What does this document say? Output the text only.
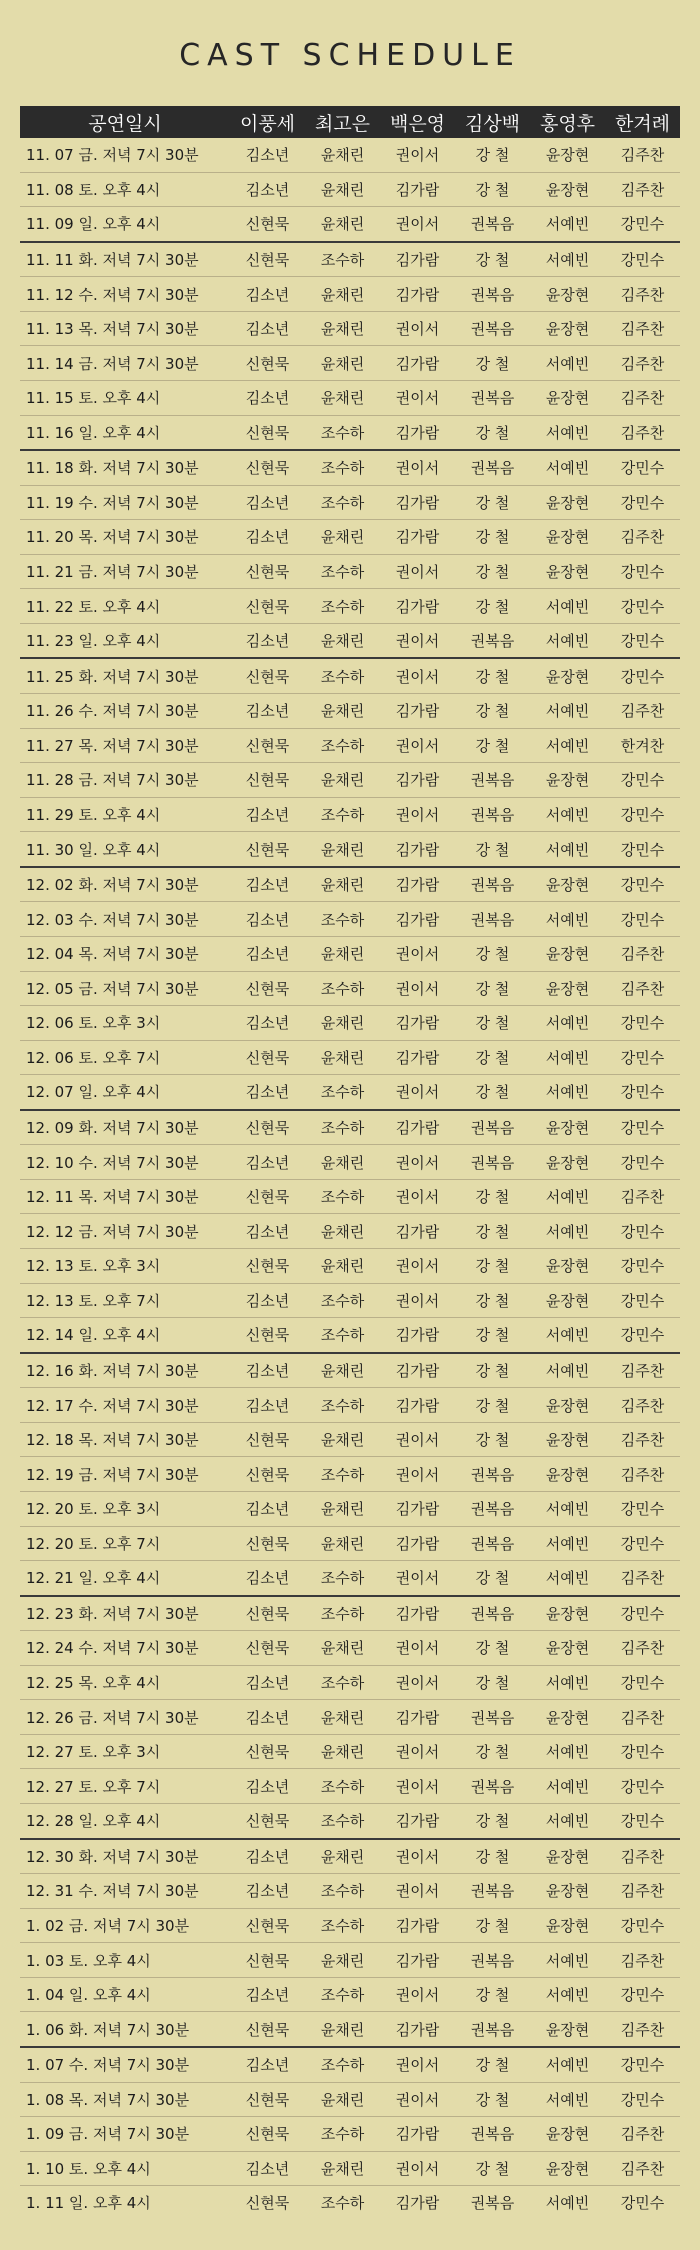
CAST SCHEDULE
공연일시	이풍세	최고은	백은영	김상백	홍영후	한겨례
11. 07 금. 저녁 7시 30분	김소년	윤채린	권이서	강 철	윤장현	김주찬
11. 08 토. 오후 4시	김소년	윤채린	김가람	강 철	윤장현	김주찬
11. 09 일. 오후 4시	신현묵	윤채린	권이서	권복음	서예빈	강민수
11. 11 화. 저녁 7시 30분	신현묵	조수하	김가람	강 철	서예빈	강민수
11. 12 수. 저녁 7시 30분	김소년	윤채린	김가람	권복음	윤장현	김주찬
11. 13 목. 저녁 7시 30분	김소년	윤채린	권이서	권복음	윤장현	김주찬
11. 14 금. 저녁 7시 30분	신현묵	윤채린	김가람	강 철	서예빈	김주찬
11. 15 토. 오후 4시	김소년	윤채린	권이서	권복음	윤장현	김주찬
11. 16 일. 오후 4시	신현묵	조수하	김가람	강 철	서예빈	김주찬
11. 18 화. 저녁 7시 30분	신현묵	조수하	권이서	권복음	서예빈	강민수
11. 19 수. 저녁 7시 30분	김소년	조수하	김가람	강 철	윤장현	강민수
11. 20 목. 저녁 7시 30분	김소년	윤채린	김가람	강 철	윤장현	김주찬
11. 21 금. 저녁 7시 30분	신현묵	조수하	권이서	강 철	윤장현	강민수
11. 22 토. 오후 4시	신현묵	조수하	김가람	강 철	서예빈	강민수
11. 23 일. 오후 4시	김소년	윤채린	권이서	권복음	서예빈	강민수
11. 25 화. 저녁 7시 30분	신현묵	조수하	권이서	강 철	윤장현	강민수
11. 26 수. 저녁 7시 30분	김소년	윤채린	김가람	강 철	서예빈	김주찬
11. 27 목. 저녁 7시 30분	신현묵	조수하	권이서	강 철	서예빈	한겨찬
11. 28 금. 저녁 7시 30분	신현묵	윤채린	김가람	권복음	윤장현	강민수
11. 29 토. 오후 4시	김소년	조수하	권이서	권복음	서예빈	강민수
11. 30 일. 오후 4시	신현묵	윤채린	김가람	강 철	서예빈	강민수
12. 02 화. 저녁 7시 30분	김소년	윤채린	김가람	권복음	윤장현	강민수
12. 03 수. 저녁 7시 30분	김소년	조수하	김가람	권복음	서예빈	강민수
12. 04 목. 저녁 7시 30분	김소년	윤채린	권이서	강 철	윤장현	김주찬
12. 05 금. 저녁 7시 30분	신현묵	조수하	권이서	강 철	윤장현	김주찬
12. 06 토. 오후 3시	김소년	윤채린	김가람	강 철	서예빈	강민수
12. 06 토. 오후 7시	신현묵	윤채린	김가람	강 철	서예빈	강민수
12. 07 일. 오후 4시	김소년	조수하	권이서	강 철	서예빈	강민수
12. 09 화. 저녁 7시 30분	신현묵	조수하	김가람	권복음	윤장현	강민수
12. 10 수. 저녁 7시 30분	김소년	윤채린	권이서	권복음	윤장현	강민수
12. 11 목. 저녁 7시 30분	신현묵	조수하	권이서	강 철	서예빈	김주찬
12. 12 금. 저녁 7시 30분	김소년	윤채린	김가람	강 철	서예빈	강민수
12. 13 토. 오후 3시	신현묵	윤채린	권이서	강 철	윤장현	강민수
12. 13 토. 오후 7시	김소년	조수하	권이서	강 철	윤장현	강민수
12. 14 일. 오후 4시	신현묵	조수하	김가람	강 철	서예빈	강민수
12. 16 화. 저녁 7시 30분	김소년	윤채린	김가람	강 철	서예빈	김주찬
12. 17 수. 저녁 7시 30분	김소년	조수하	김가람	강 철	윤장현	김주찬
12. 18 목. 저녁 7시 30분	신현묵	윤채린	권이서	강 철	윤장현	김주찬
12. 19 금. 저녁 7시 30분	신현묵	조수하	권이서	권복음	윤장현	김주찬
12. 20 토. 오후 3시	김소년	윤채린	김가람	권복음	서예빈	강민수
12. 20 토. 오후 7시	신현묵	윤채린	김가람	권복음	서예빈	강민수
12. 21 일. 오후 4시	김소년	조수하	권이서	강 철	서예빈	김주찬
12. 23 화. 저녁 7시 30분	신현묵	조수하	김가람	권복음	윤장현	강민수
12. 24 수. 저녁 7시 30분	신현묵	윤채린	권이서	강 철	윤장현	김주찬
12. 25 목. 오후 4시	김소년	조수하	권이서	강 철	서예빈	강민수
12. 26 금. 저녁 7시 30분	김소년	윤채린	김가람	권복음	윤장현	김주찬
12. 27 토. 오후 3시	신현묵	윤채린	권이서	강 철	서예빈	강민수
12. 27 토. 오후 7시	김소년	조수하	권이서	권복음	서예빈	강민수
12. 28 일. 오후 4시	신현묵	조수하	김가람	강 철	서예빈	강민수
12. 30 화. 저녁 7시 30분	김소년	윤채린	권이서	강 철	윤장현	김주찬
12. 31 수. 저녁 7시 30분	김소년	조수하	권이서	권복음	윤장현	김주찬
1. 02 금. 저녁 7시 30분	신현묵	조수하	김가람	강 철	윤장현	강민수
1. 03 토. 오후 4시	신현묵	윤채린	김가람	권복음	서예빈	김주찬
1. 04 일. 오후 4시	김소년	조수하	권이서	강 철	서예빈	강민수
1. 06 화. 저녁 7시 30분	신현묵	윤채린	김가람	권복음	윤장현	김주찬
1. 07 수. 저녁 7시 30분	김소년	조수하	권이서	강 철	서예빈	강민수
1. 08 목. 저녁 7시 30분	신현묵	윤채린	권이서	강 철	서예빈	강민수
1. 09 금. 저녁 7시 30분	신현묵	조수하	김가람	권복음	윤장현	김주찬
1. 10 토. 오후 4시	김소년	윤채린	권이서	강 철	윤장현	김주찬
1. 11 일. 오후 4시	신현묵	조수하	김가람	권복음	서예빈	강민수
